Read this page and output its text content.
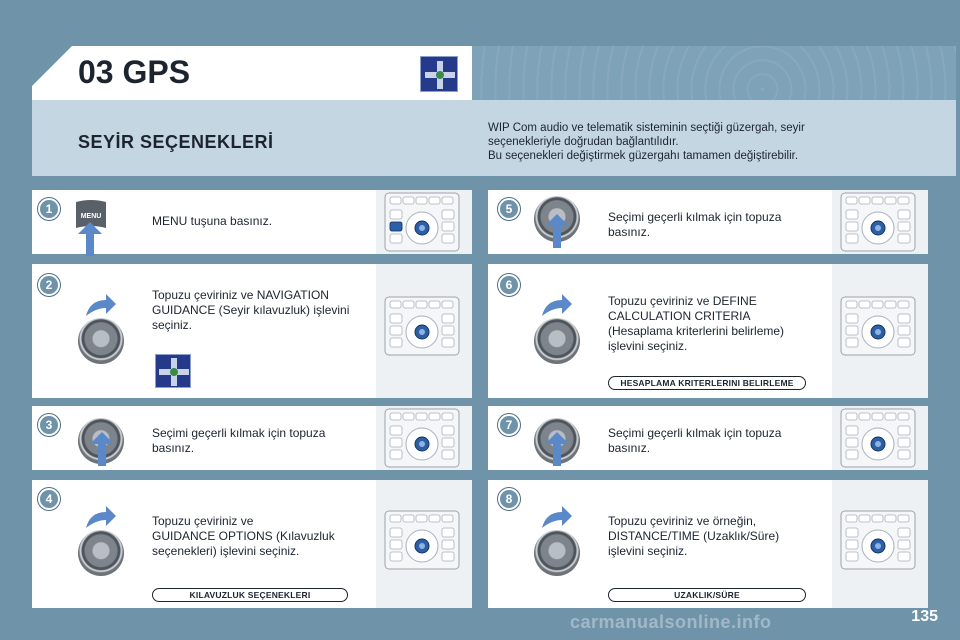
03 GPS
SEYİR SEÇENEKLERİ
WIP Com audio ve telematik sisteminin seçtiği güzergah, seyir
seçenekleriyle doğrudan bağlantılıdır.
Bu seçenekleri değiştirmek güzergahı tamamen değiştirebilir.
1
2
3
4
5
6
7
8
MENU tuşuna basınız.
Topuzu çeviriniz ve NAVIGATION
GUIDANCE (Seyir kılavuzluk) işlevini
seçiniz.
Seçimi geçerli kılmak için topuza
basınız.
Topuzu çeviriniz ve
GUIDANCE OPTIONS (Kılavuzluk
seçenekleri) işlevini seçiniz.
Seçimi geçerli kılmak için topuza
basınız.
Topuzu çeviriniz ve DEFINE
CALCULATION CRITERIA
(Hesaplama kriterlerini belirleme)
işlevini seçiniz.
Seçimi geçerli kılmak için topuza
basınız.
Topuzu çeviriniz ve örneğin,
DISTANCE/TIME (Uzaklık/Süre)
işlevini seçiniz.
MENU
KILAVUZLUK SEÇENEKLERI
HESAPLAMA KRITERLERINI BELIRLEME
UZAKLIK/SÜRE
135
carmanualsonline.info
